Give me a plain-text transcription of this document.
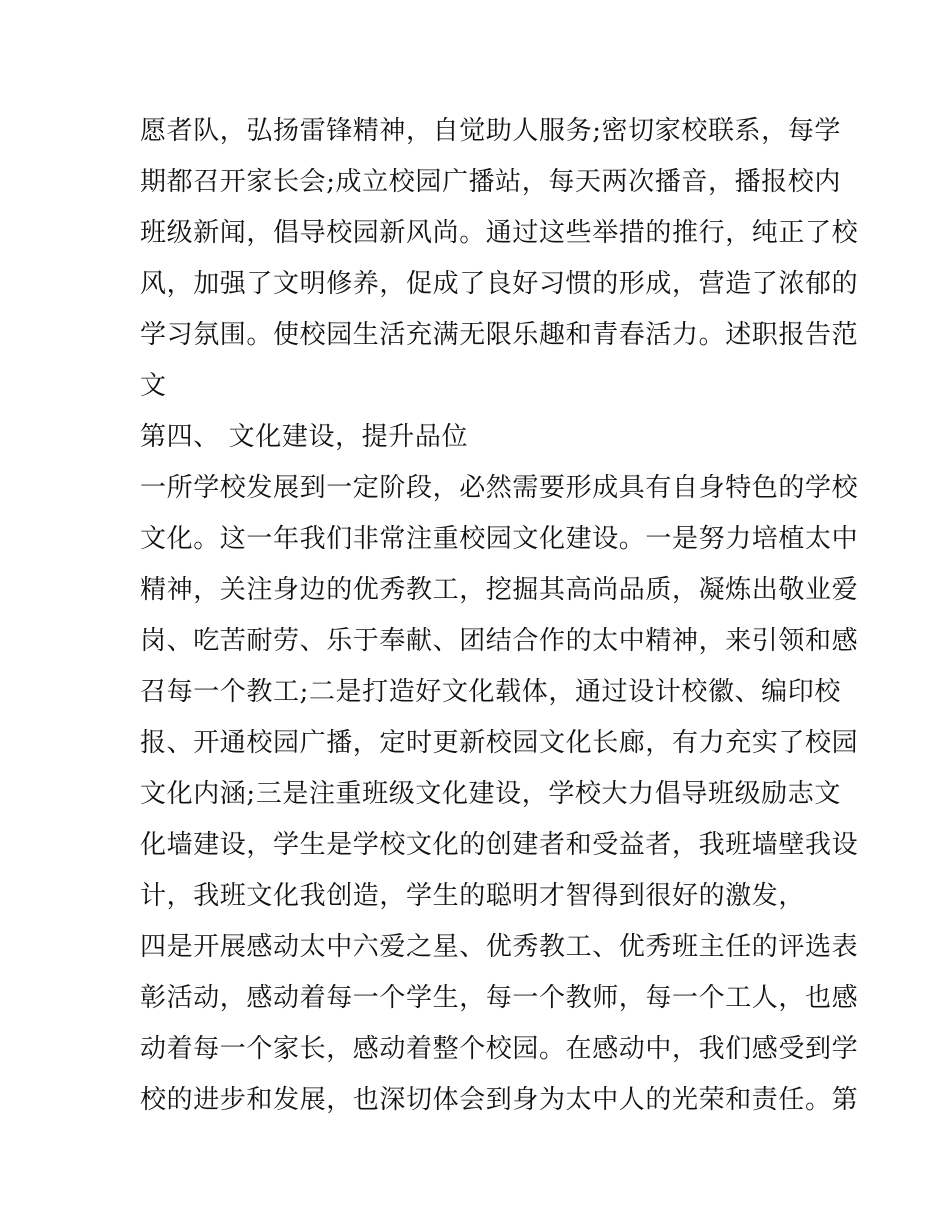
愿者队，弘扬雷锋精神，自觉助人服务;密切家校联系，每学
期都召开家长会;成立校园广播站，每天两次播音，播报校内
班级新闻，倡导校园新风尚。通过这些举措的推行，纯正了校
风，加强了文明修养，促成了良好习惯的形成，营造了浓郁的
学习氛围。使校园生活充满无限乐趣和青春活力。述职报告范
文
第四、 文化建设，提升品位
一所学校发展到一定阶段，必然需要形成具有自身特色的学校
文化。这一年我们非常注重校园文化建设。一是努力培植太中
精神，关注身边的优秀教工，挖掘其高尚品质，凝炼出敬业爱
岗、吃苦耐劳、乐于奉献、团结合作的太中精神，来引领和感
召每一个教工;二是打造好文化载体，通过设计校徽、编印校
报、开通校园广播，定时更新校园文化长廊，有力充实了校园
文化内涵;三是注重班级文化建设，学校大力倡导班级励志文
化墙建设，学生是学校文化的创建者和受益者，我班墙壁我设
计，我班文化我创造，学生的聪明才智得到很好的激发，
四是开展感动太中六爱之星、优秀教工、优秀班主任的评选表
彰活动，感动着每一个学生，每一个教师，每一个工人，也感
动着每一个家长，感动着整个校园。在感动中，我们感受到学
校的进步和发展，也深切体会到身为太中人的光荣和责任。第
